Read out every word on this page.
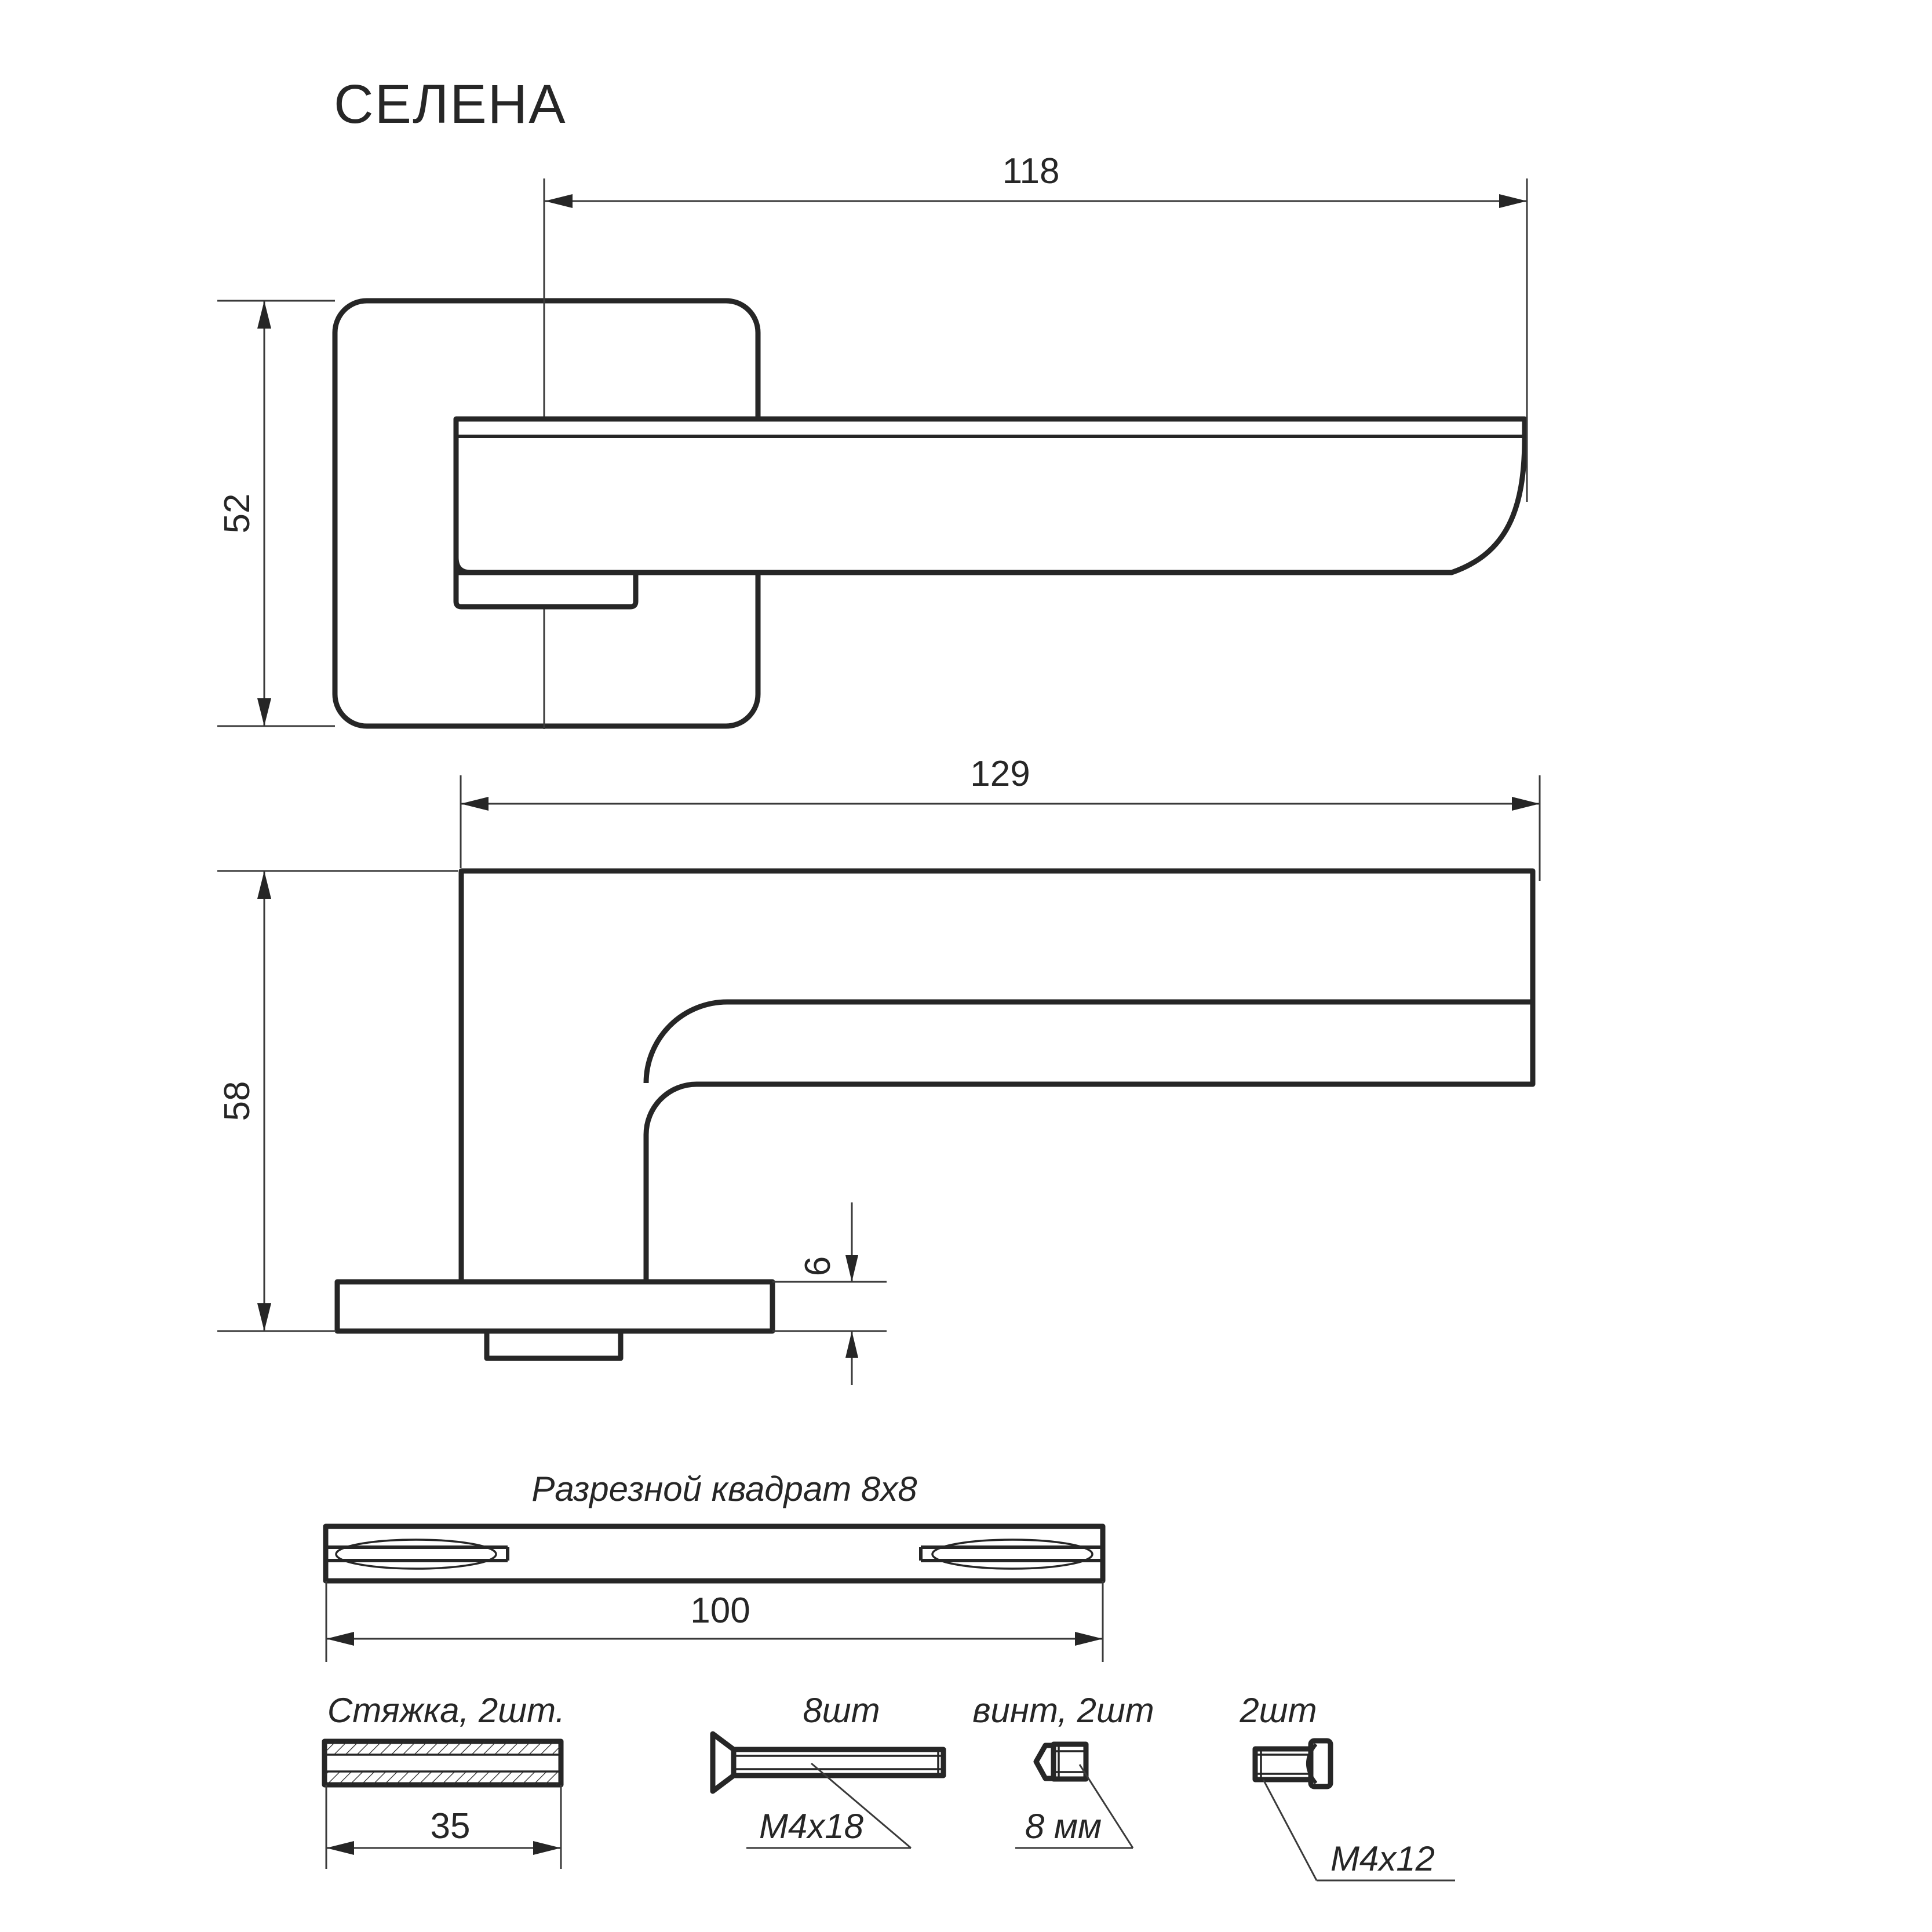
СЕЛЕНА
118
52
129
58
6
Разрезной квадрат 8х8
100
Стяжка, 2шт.
35
8шт
М4х18
винт, 2шт
8 мм
2шт
М4х12
